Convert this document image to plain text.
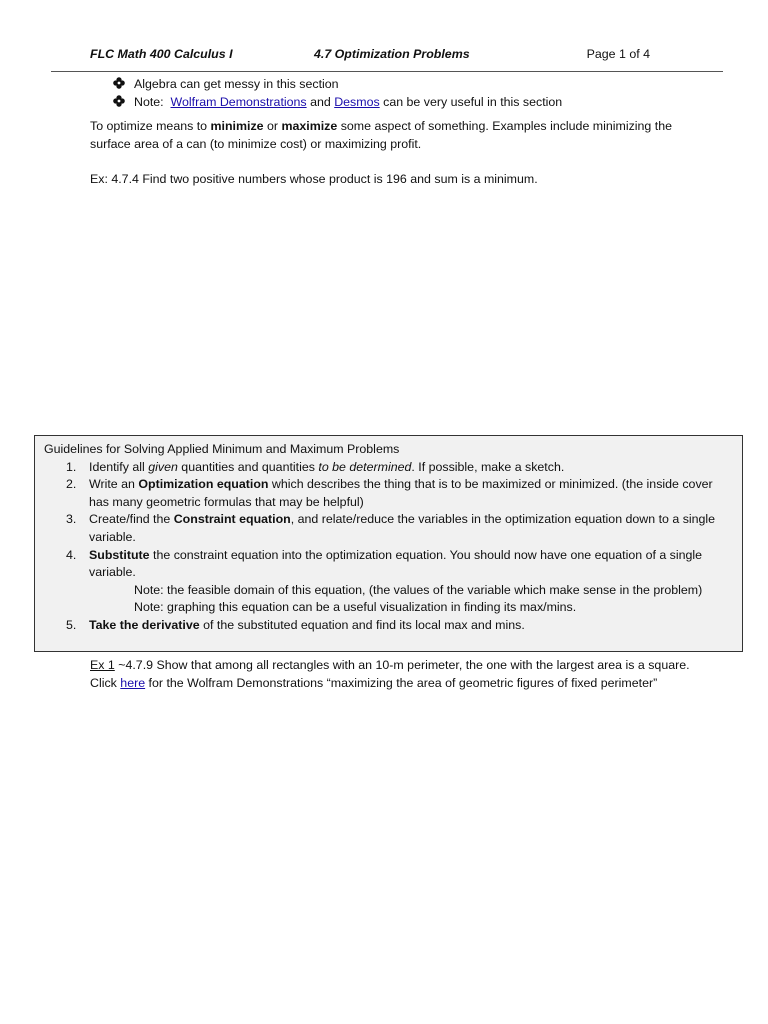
FLC Math 400 Calculus I	4.7 Optimization Problems	Page 1 of 4
Algebra can get messy in this section
Note: Wolfram Demonstrations and Desmos can be very useful in this section
To optimize means to minimize or maximize some aspect of something. Examples include minimizing the surface area of a can (to minimize cost) or maximizing profit.
Ex: 4.7.4 Find two positive numbers whose product is 196 and sum is a minimum.
Guidelines for Solving Applied Minimum and Maximum Problems
1. Identify all given quantities and quantities to be determined. If possible, make a sketch.
2. Write an Optimization equation which describes the thing that is to be maximized or minimized. (the inside cover has many geometric formulas that may be helpful)
3. Create/find the Constraint equation, and relate/reduce the variables in the optimization equation down to a single variable.
4. Substitute the constraint equation into the optimization equation. You should now have one equation of a single variable.
Note: the feasible domain of this equation, (the values of the variable which make sense in the problem)
Note: graphing this equation can be a useful visualization in finding its max/mins.
5. Take the derivative of the substituted equation and find its local max and mins.
Ex 1 ~4.7.9 Show that among all rectangles with an 10-m perimeter, the one with the largest area is a square.
Click here for the Wolfram Demonstrations “maximizing the area of geometric figures of fixed perimeter”
